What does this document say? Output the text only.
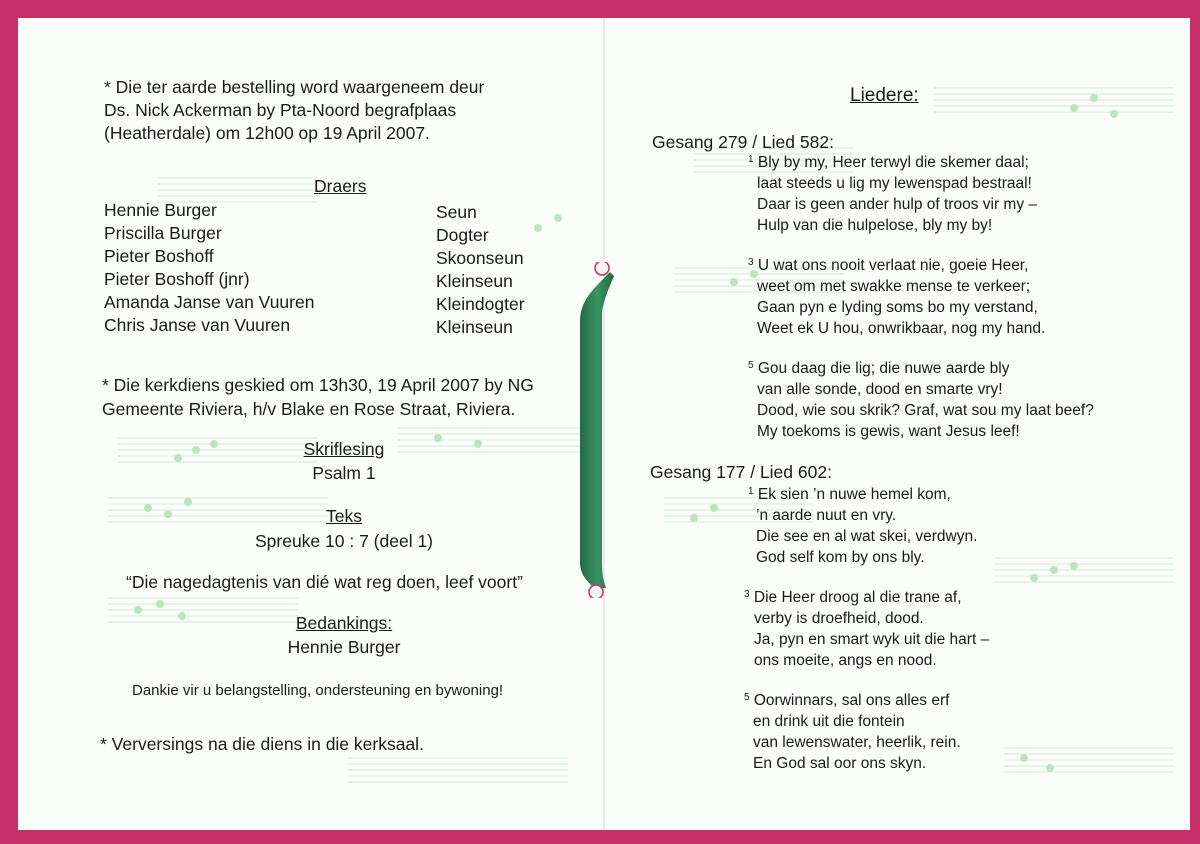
* Die ter aarde bestelling word waargeneem deur
Ds. Nick Ackerman by Pta-Noord begrafplaas
(Heatherdale) om 12h00 op 19 April 2007.
Draers
Hennie Burger	Seun
Priscilla Burger	Dogter
Pieter Boshoff	Skoonseun
Pieter Boshoff (jnr)	Kleinseun
Amanda Janse van Vuuren	Kleindogter
Chris Janse van Vuuren	Kleinseun
* Die kerkdiens geskied om 13h30, 19 April 2007 by NG
Gemeente Riviera, h/v Blake en Rose Straat, Riviera.
Skriflesing
Psalm 1
Teks
Spreuke 10 : 7 (deel 1)
“Die nagedagtenis van dié wat reg doen, leef voort”
Bedankings:
Hennie Burger
Dankie vir u belangstelling, ondersteuning en bywoning!
* Verversings na die diens in die kerksaal.
Liedere:
Gesang 279 / Lied 582:
$^1$ Bly by my, Heer terwyl die skemer daal;
laat steeds u lig my lewenspad bestraal!
Daar is geen ander hulp of troos vir my –
Hulp van die hulpelose, bly my by!
$^3$ U wat ons nooit verlaat nie, goeie Heer,
weet om met swakke mense te verkeer;
Gaan pyn e lyding soms bo my verstand,
Weet ek U hou, onwrikbaar, nog my hand.
$^5$ Gou daag die lig; die nuwe aarde bly
van alle sonde, dood en smarte vry!
Dood, wie sou skrik? Graf, wat sou my laat beef?
My toekoms is gewis, want Jesus leef!
Gesang 177 / Lied 602:
$^1$ Ek sien ’n nuwe hemel kom,
’n aarde nuut en vry.
Die see en al wat skei, verdwyn.
God self kom by ons bly.
$^3$ Die Heer droog al die trane af,
verby is droefheid, dood.
Ja, pyn en smart wyk uit die hart –
ons moeite, angs en nood.
$^5$ Oorwinnars, sal ons alles erf
en drink uit die fontein
van lewenswater, heerlik, rein.
En God sal oor ons skyn.
